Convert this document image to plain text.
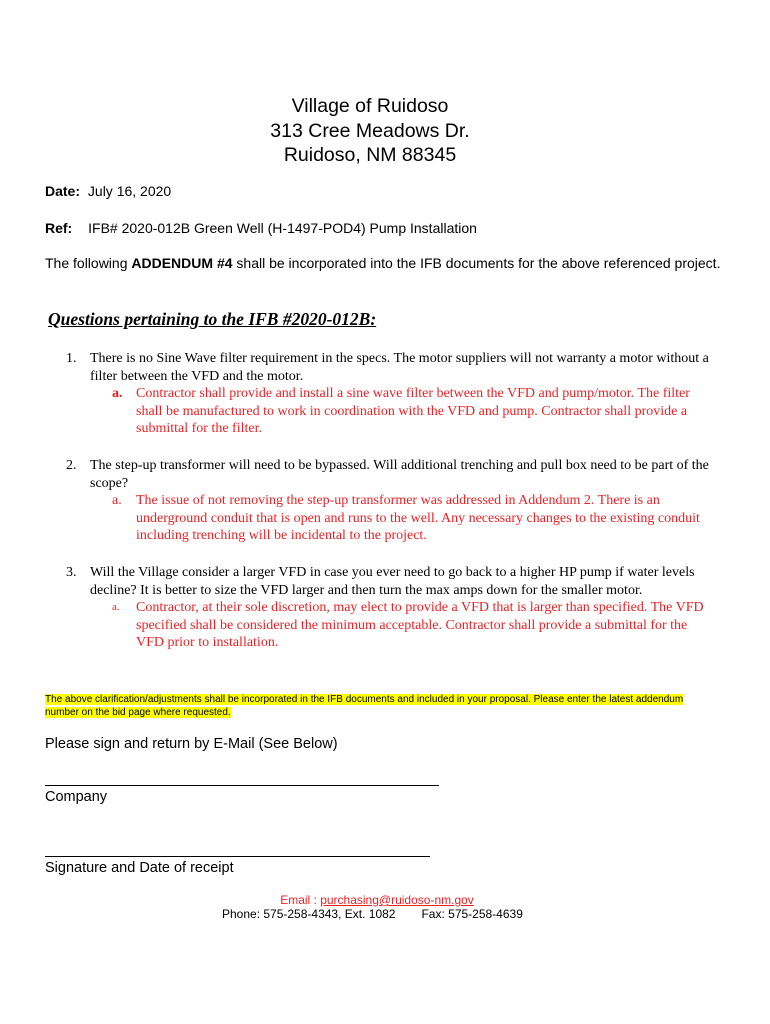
Village of Ruidoso
313 Cree Meadows Dr.
Ruidoso, NM 88345
Date: July 16, 2020
Ref: IFB# 2020-012B Green Well (H-1497-POD4) Pump Installation
The following ADDENDUM #4 shall be incorporated into the IFB documents for the above referenced project.
Questions pertaining to the IFB #2020-012B:
1. There is no Sine Wave filter requirement in the specs. The motor suppliers will not warranty a motor without a filter between the VFD and the motor.
a. Contractor shall provide and install a sine wave filter between the VFD and pump/motor. The filter shall be manufactured to work in coordination with the VFD and pump. Contractor shall provide a submittal for the filter.
2. The step-up transformer will need to be bypassed. Will additional trenching and pull box need to be part of the scope?
a. The issue of not removing the step-up transformer was addressed in Addendum 2. There is an underground conduit that is open and runs to the well. Any necessary changes to the existing conduit including trenching will be incidental to the project.
3. Will the Village consider a larger VFD in case you ever need to go back to a higher HP pump if water levels decline? It is better to size the VFD larger and then turn the max amps down for the smaller motor.
a. Contractor, at their sole discretion, may elect to provide a VFD that is larger than specified. The VFD specified shall be considered the minimum acceptable. Contractor shall provide a submittal for the VFD prior to installation.
The above clarification/adjustments shall be incorporated in the IFB documents and included in your proposal. Please enter the latest addendum number on the bid page where requested.
Please sign and return by E-Mail (See Below)
Company
Signature and Date of receipt
Email : purchasing@ruidoso-nm.gov
Phone: 575-258-4343, Ext. 1082 Fax: 575-258-4639
